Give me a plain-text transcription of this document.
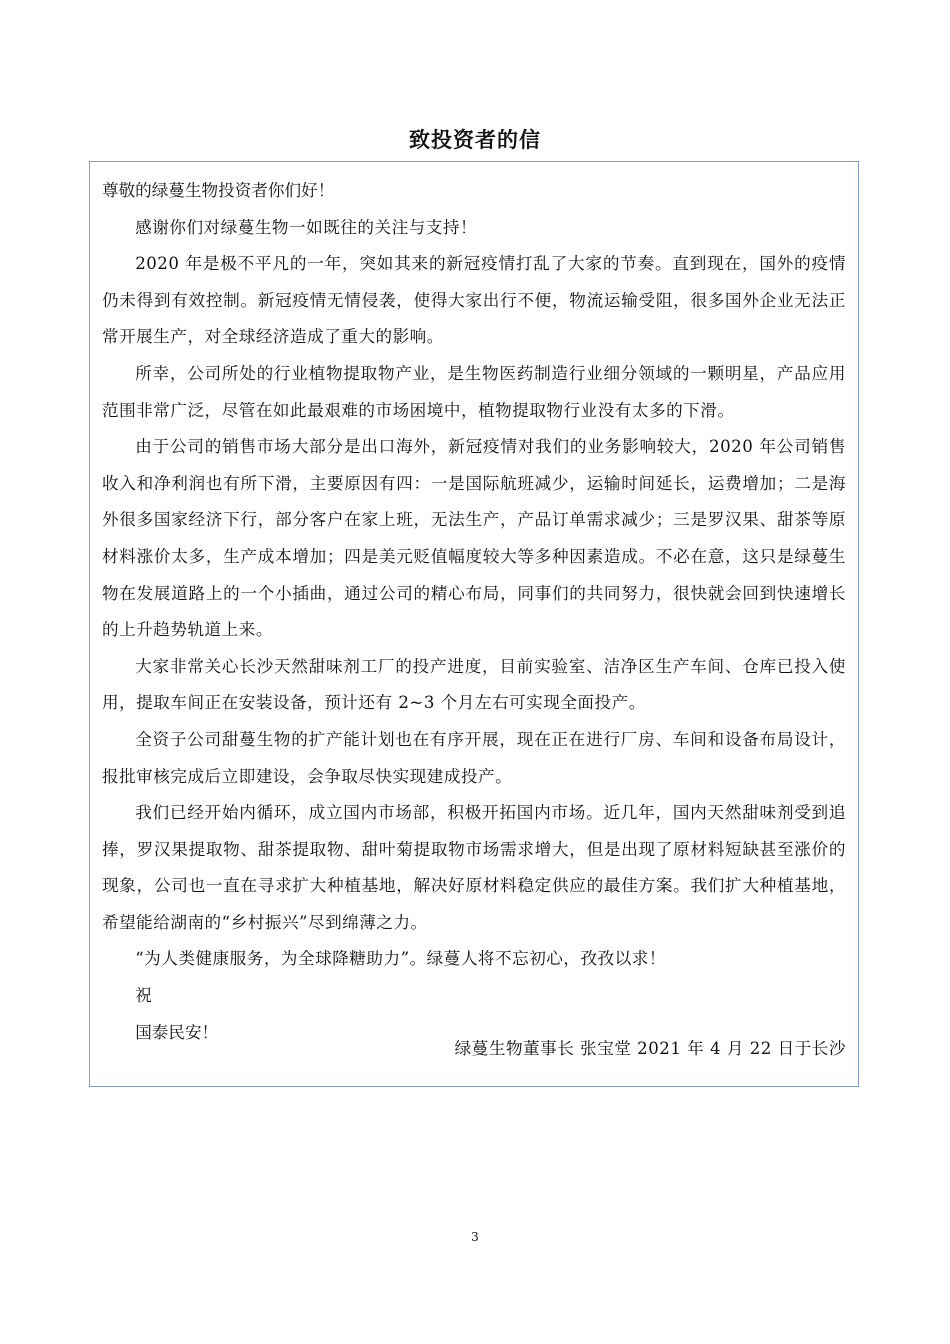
致投资者的信

尊敬的绿蔓生物投资者你们好！

感谢你们对绿蔓生物一如既往的关注与支持！

2020 年是极不平凡的一年，突如其来的新冠疫情打乱了大家的节奏。直到现在，国外的疫情仍未得到有效控制。新冠疫情无情侵袭，使得大家出行不便，物流运输受阻，很多国外企业无法正常开展生产，对全球经济造成了重大的影响。

所幸，公司所处的行业植物提取物产业，是生物医药制造行业细分领域的一颗明星，产品应用范围非常广泛，尽管在如此最艰难的市场困境中，植物提取物行业没有太多的下滑。

由于公司的销售市场大部分是出口海外，新冠疫情对我们的业务影响较大，2020 年公司销售收入和净利润也有所下滑，主要原因有四：一是国际航班减少，运输时间延长，运费增加；二是海外很多国家经济下行，部分客户在家上班，无法生产，产品订单需求减少；三是罗汉果、甜茶等原材料涨价太多，生产成本增加；四是美元贬值幅度较大等多种因素造成。不必在意，这只是绿蔓生物在发展道路上的一个小插曲，通过公司的精心布局，同事们的共同努力，很快就会回到快速增长的上升趋势轨道上来。

大家非常关心长沙天然甜味剂工厂的投产进度，目前实验室、洁净区生产车间、仓库已投入使用，提取车间正在安装设备，预计还有 2~3 个月左右可实现全面投产。

全资子公司甜蔓生物的扩产能计划也在有序开展，现在正在进行厂房、车间和设备布局设计，报批审核完成后立即建设，会争取尽快实现建成投产。

我们已经开始内循环，成立国内市场部，积极开拓国内市场。近几年，国内天然甜味剂受到追捧，罗汉果提取物、甜茶提取物、甜叶菊提取物市场需求增大，但是出现了原材料短缺甚至涨价的现象，公司也一直在寻求扩大种植基地，解决好原材料稳定供应的最佳方案。我们扩大种植基地，希望能给湖南的“乡村振兴”尽到绵薄之力。

“为人类健康服务，为全球降糖助力”。绿蔓人将不忘初心，孜孜以求！

祝

国泰民安！

绿蔓生物董事长 张宝堂 2021 年 4 月 22 日于长沙

3
